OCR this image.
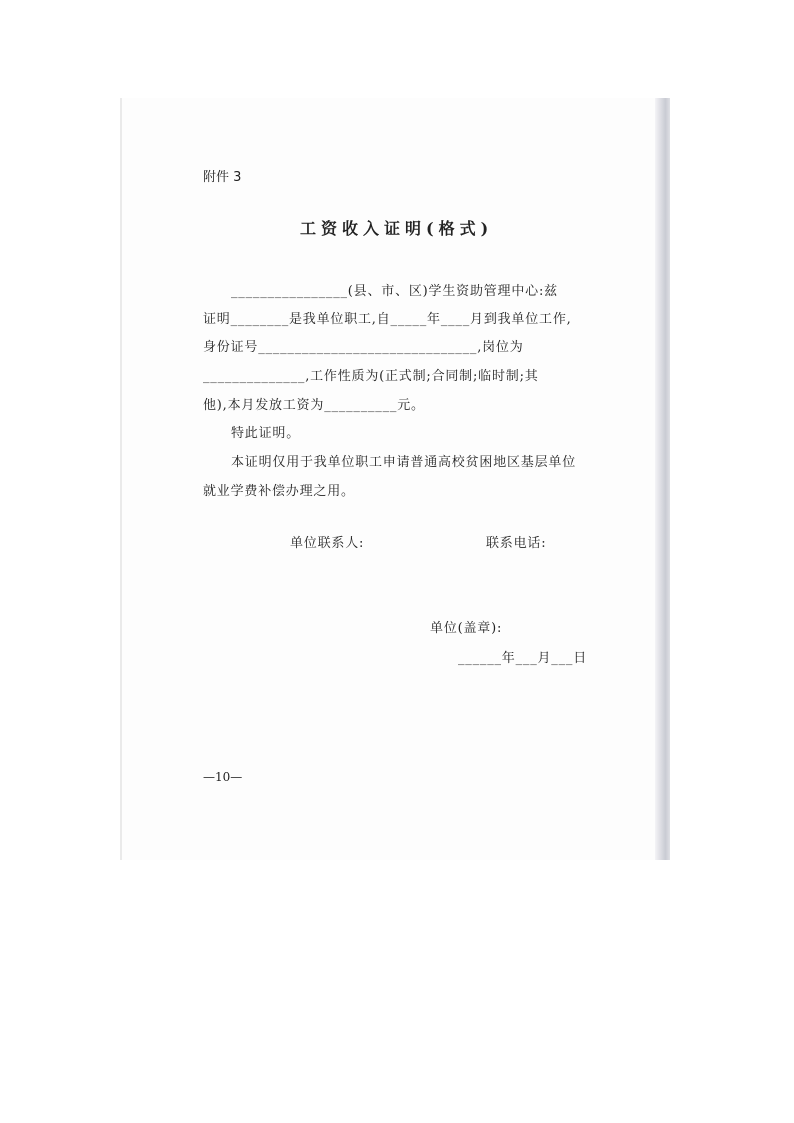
附件 3
工资收入证明(格式)
________________(县、市、区)学生资助管理中心:兹
证明________是我单位职工,自_____年____月到我单位工作,
身份证号______________________________,岗位为
______________,工作性质为(正式制;合同制;临时制;其
他),本月发放工资为__________元。
特此证明。
本证明仅用于我单位职工申请普通高校贫困地区基层单位
就业学费补偿办理之用。
单位联系人:	联系电话:
单位(盖章):
______年___月___日
—10—
